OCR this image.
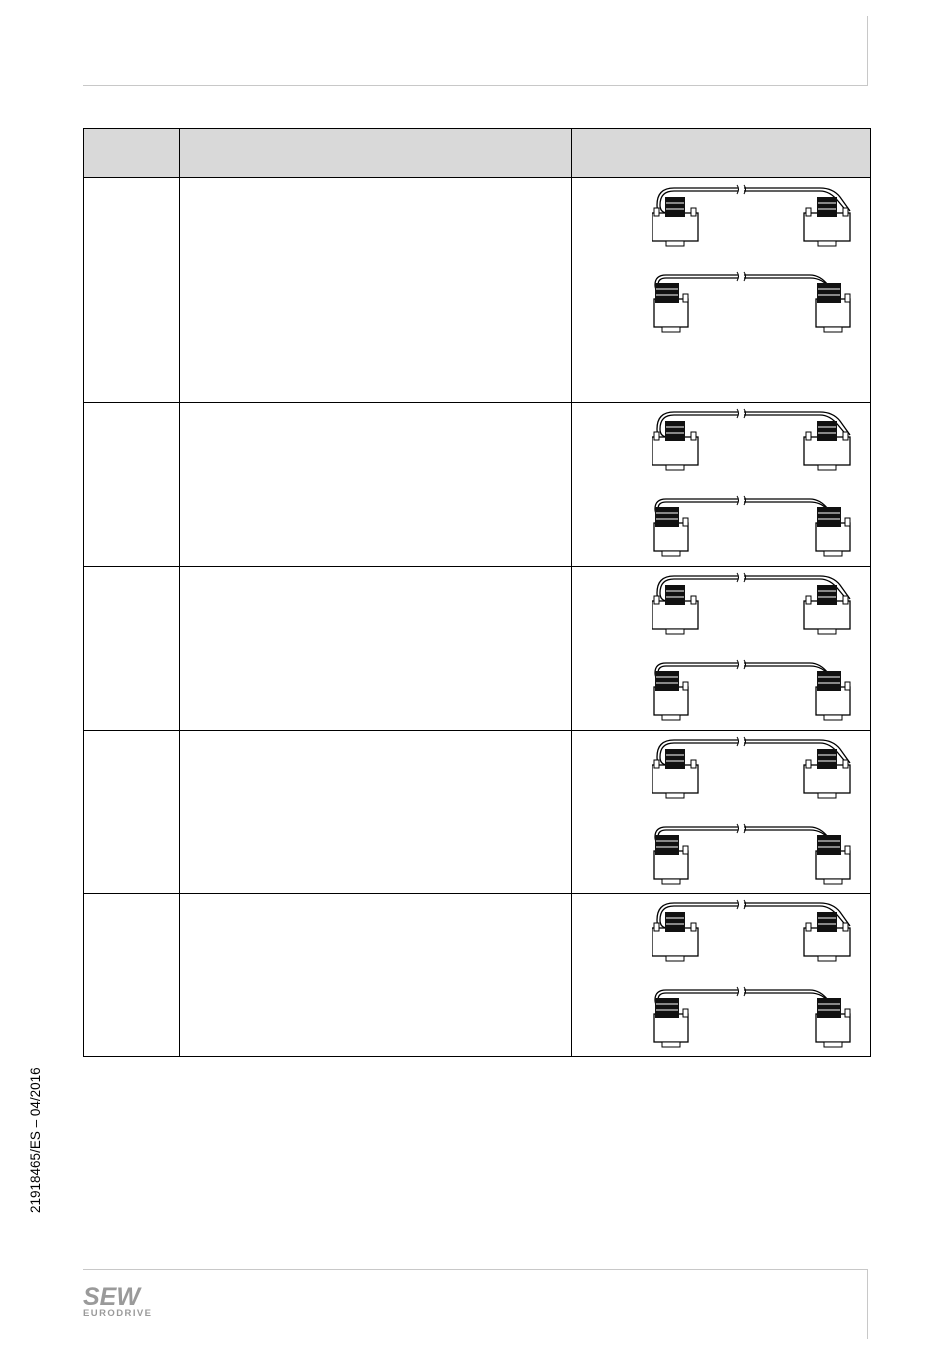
21918465/ES – 04/2016
SEW
EURODRIVE
